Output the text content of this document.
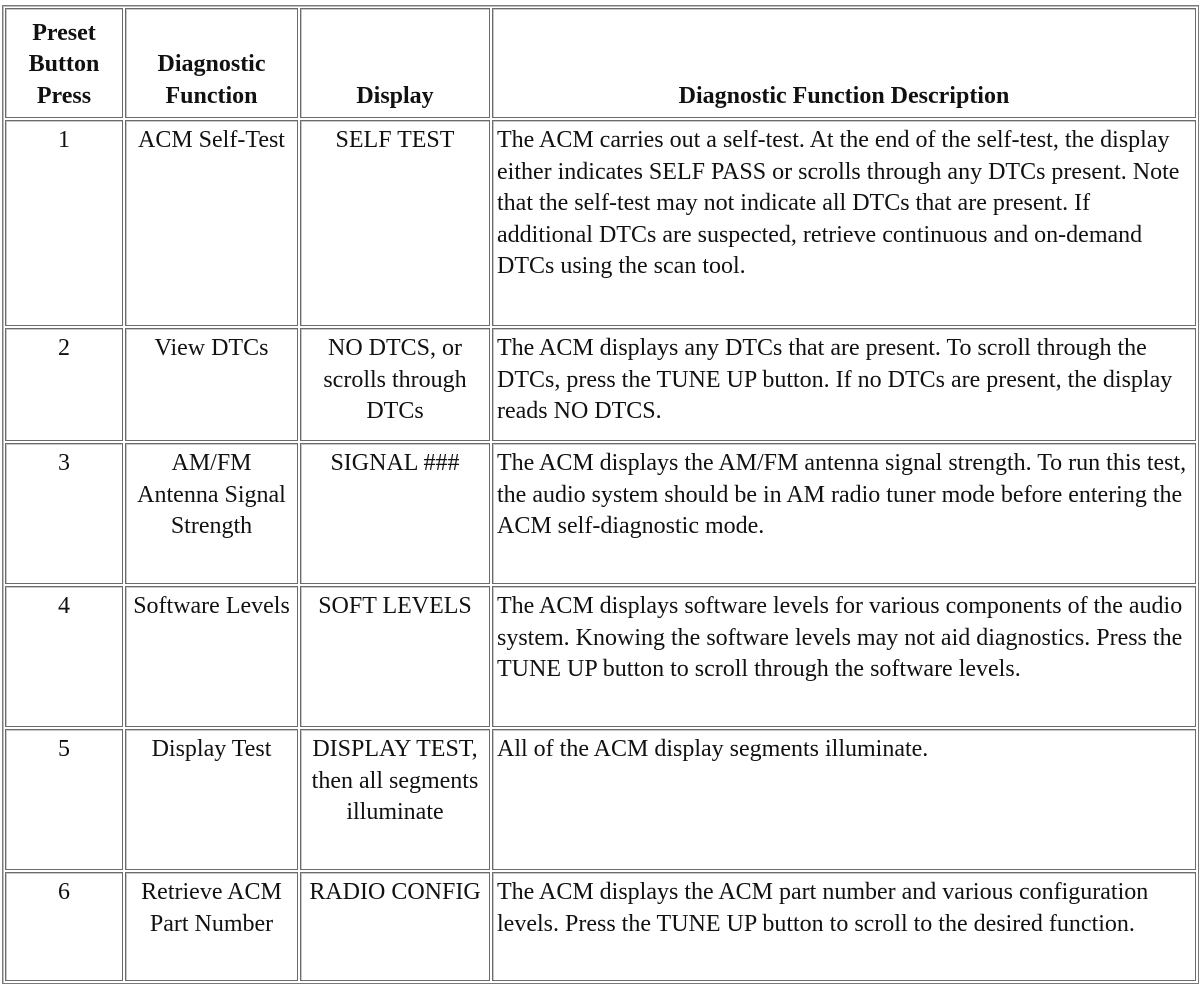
Preset Button Press	Diagnostic Function	Display	Diagnostic Function Description
1	ACM Self-Test	SELF TEST	The ACM carries out a self-test. At the end of the self-test, the display either indicates SELF PASS or scrolls through any DTCs present. Note that the self-test may not indicate all DTCs that are present. If additional DTCs are suspected, retrieve continuous and on-demand DTCs using the scan tool.
2	View DTCs	NO DTCS, or scrolls through DTCs	The ACM displays any DTCs that are present. To scroll through the DTCs, press the TUNE UP button. If no DTCs are present, the display reads NO DTCS.
3	AM/FM Antenna Signal Strength	SIGNAL ###	The ACM displays the AM/FM antenna signal strength. To run this test, the audio system should be in AM radio tuner mode before entering the ACM self-diagnostic mode.
4	Software Levels	SOFT LEVELS	The ACM displays software levels for various components of the audio system. Knowing the software levels may not aid diagnostics. Press the TUNE UP button to scroll through the software levels.
5	Display Test	DISPLAY TEST, then all segments illuminate	All of the ACM display segments illuminate.
6	Retrieve ACM Part Number	RADIO CONFIG	The ACM displays the ACM part number and various configuration levels. Press the TUNE UP button to scroll to the desired function.
